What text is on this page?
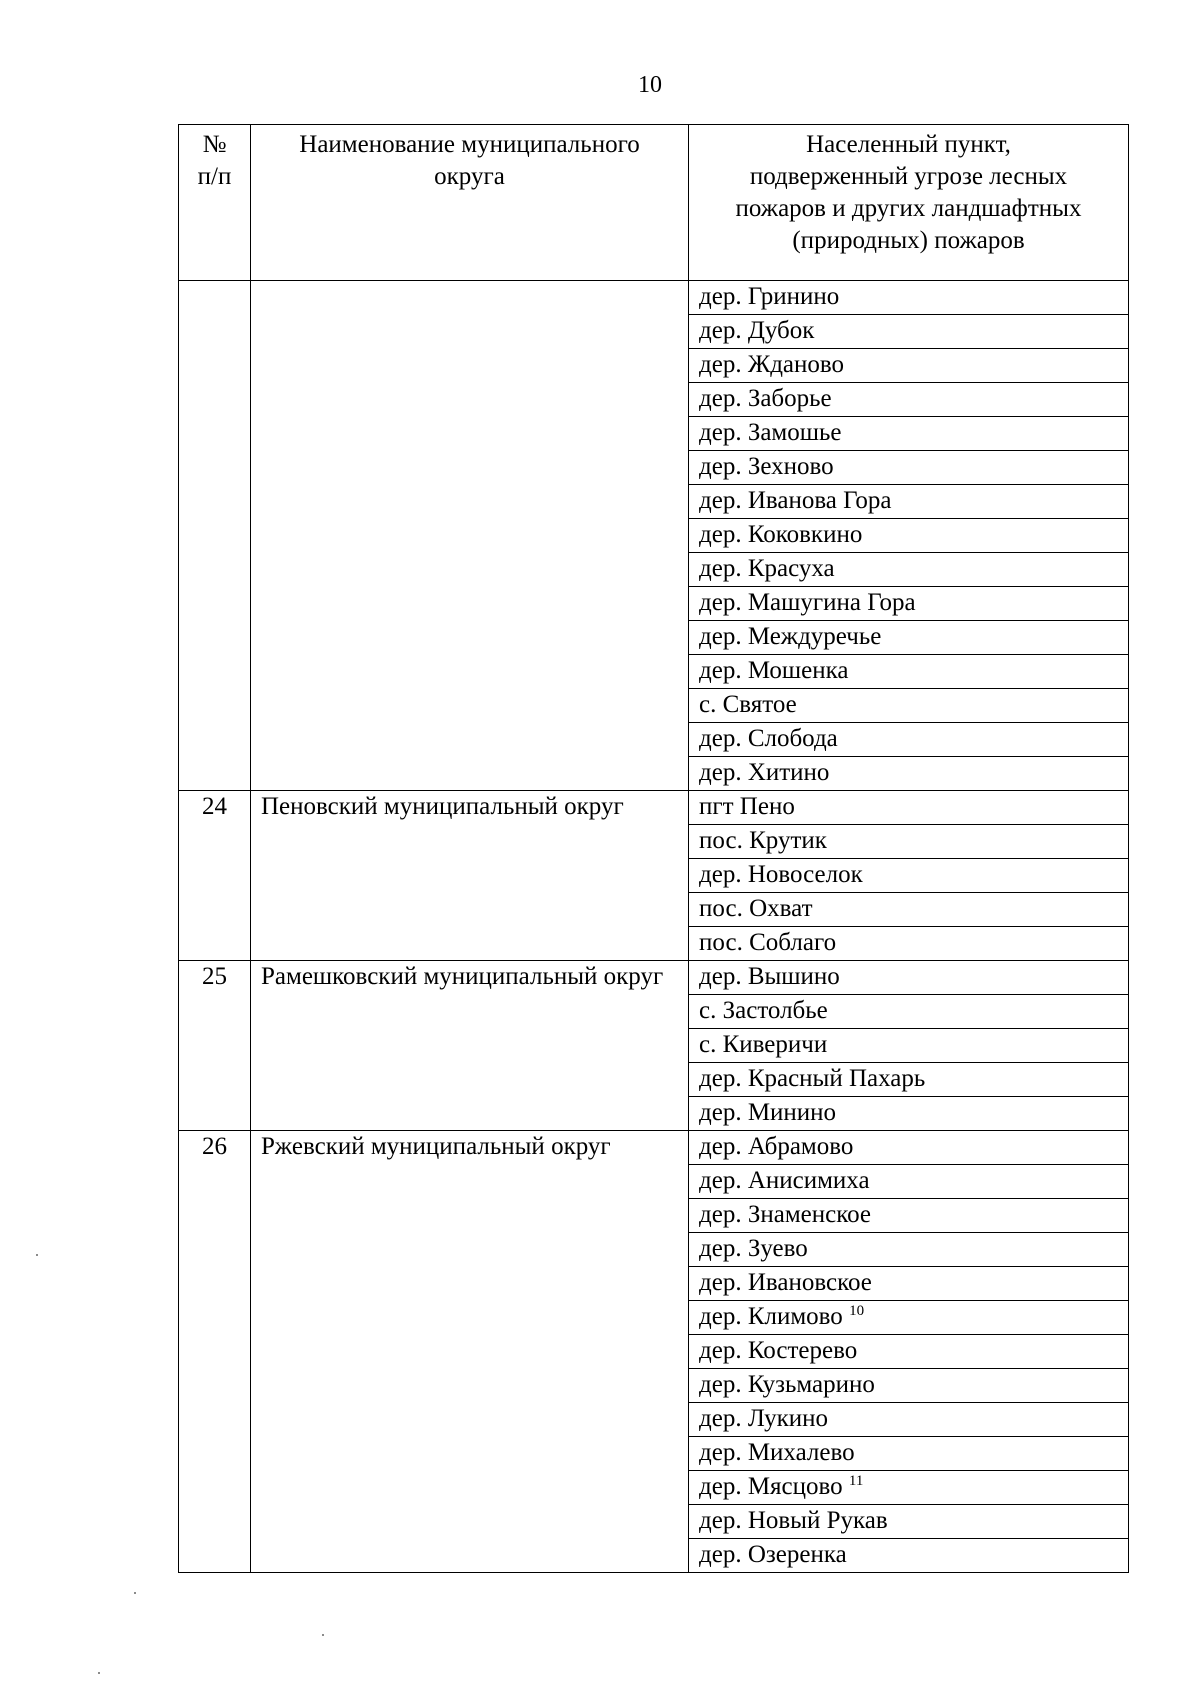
10
№ п/п	Наименование муниципального округа	Населенный пункт, подверженный угрозе лесных пожаров и других ландшафтных (природных) пожаров
		дер. Гринино
		дер. Дубок
		дер. Жданово
		дер. Заборье
		дер. Замошье
		дер. Зехново
		дер. Иванова Гора
		дер. Коковкино
		дер. Красуха
		дер. Машугина Гора
		дер. Междуречье
		дер. Мошенка
		с. Святое
		дер. Слобода
		дер. Хитино
24	Пеновский муниципальный округ	пгт Пено
		пос. Крутик
		дер. Новоселок
		пос. Охват
		пос. Соблаго
25	Рамешковский муниципальный округ	дер. Вышино
		с. Застолбье
		с. Киверичи
		дер. Красный Пахарь
		дер. Минино
26	Ржевский муниципальный округ	дер. Абрамово
		дер. Анисимиха
		дер. Знаменское
		дер. Зуево
		дер. Ивановское
		дер. Климово $^{10}$
		дер. Костерево
		дер. Кузьмарино
		дер. Лукино
		дер. Михалево
		дер. Мясцово $^{11}$
		дер. Новый Рукав
		дер. Озеренка
